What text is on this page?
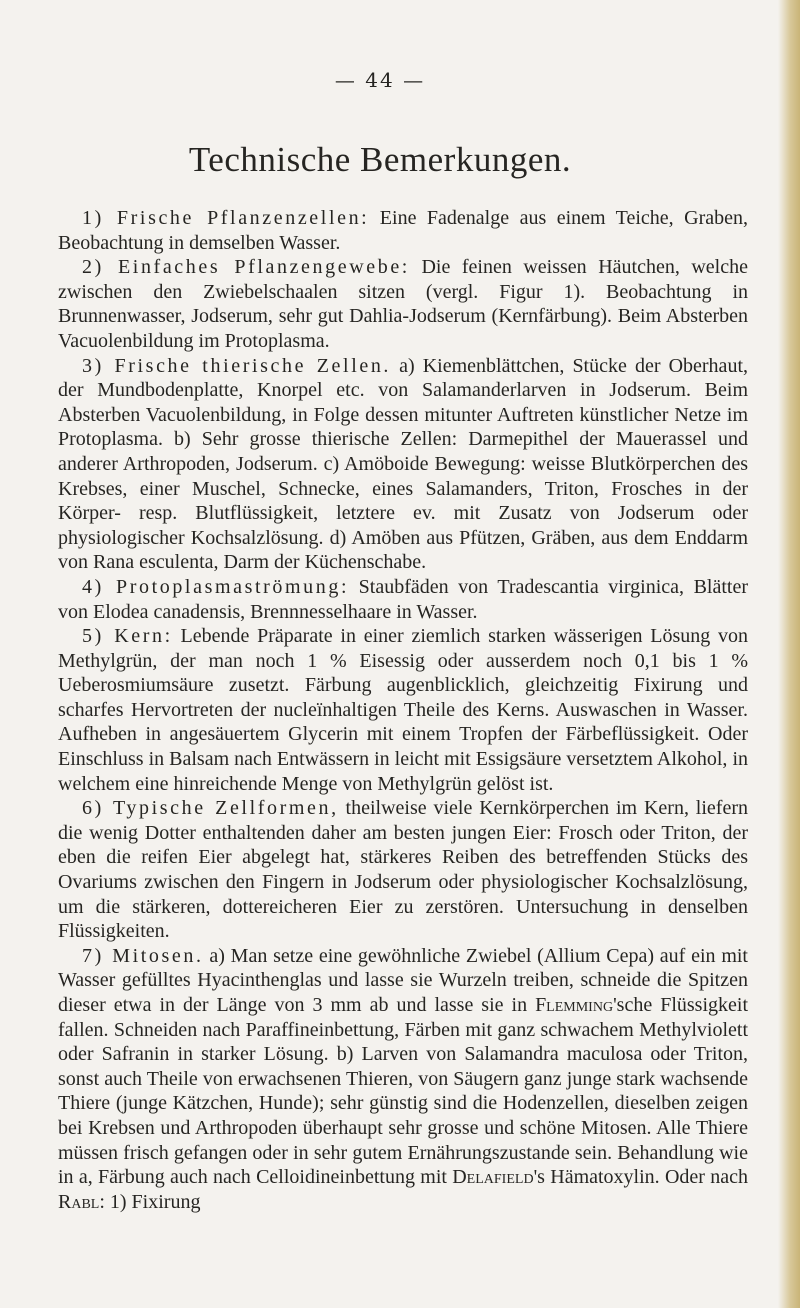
— 44 —
Technische Bemerkungen.

1) Frische Pflanzenzellen: Eine Fadenalge aus einem Teiche, Graben, Beobachtung in demselben Wasser.

2) Einfaches Pflanzengewebe: Die feinen weissen Häutchen, welche zwischen den Zwiebelschaalen sitzen (vergl. Figur 1). Beobachtung in Brunnenwasser, Jodserum, sehr gut Dahlia-Jodserum (Kernfärbung). Beim Absterben Vacuolenbildung im Protoplasma.

3) Frische thierische Zellen. a) Kiemenblättchen, Stücke der Oberhaut, der Mundbodenplatte, Knorpel etc. von Salamanderlarven in Jodserum. Beim Absterben Vacuolenbildung, in Folge dessen mitunter Auftreten künstlicher Netze im Protoplasma. b) Sehr grosse thierische Zellen: Darmepithel der Mauerassel und anderer Arthropoden, Jodserum. c) Amöboide Bewegung: weisse Blutkörperchen des Krebses, einer Muschel, Schnecke, eines Salamanders, Triton, Frosches in der Körper- resp. Blutflüssigkeit, letztere ev. mit Zusatz von Jodserum oder physiologischer Kochsalzlösung. d) Amöben aus Pfützen, Gräben, aus dem Enddarm von Rana esculenta, Darm der Küchenschabe.

4) Protoplasmaströmung: Staubfäden von Tradescantia virginica, Blätter von Elodea canadensis, Brennnesselhaare in Wasser.

5) Kern: Lebende Präparate in einer ziemlich starken wässerigen Lösung von Methylgrün, der man noch 1 % Eisessig oder ausserdem noch 0,1 bis 1 % Ueberosmiumsäure zusetzt. Färbung augenblicklich, gleichzeitig Fixirung und scharfes Hervortreten der nucleïnhaltigen Theile des Kerns. Auswaschen in Wasser. Aufheben in angesäuertem Glycerin mit einem Tropfen der Färbeflüssigkeit. Oder Einschluss in Balsam nach Entwässern in leicht mit Essigsäure versetztem Alkohol, in welchem eine hinreichende Menge von Methylgrün gelöst ist.

6) Typische Zellformen, theilweise viele Kernkörperchen im Kern, liefern die wenig Dotter enthaltenden daher am besten jungen Eier: Frosch oder Triton, der eben die reifen Eier abgelegt hat, stärkeres Reiben des betreffenden Stücks des Ovariums zwischen den Fingern in Jodserum oder physiologischer Kochsalzlösung, um die stärkeren, dottereicheren Eier zu zerstören. Untersuchung in denselben Flüssigkeiten.

7) Mitosen. a) Man setze eine gewöhnliche Zwiebel (Allium Cepa) auf ein mit Wasser gefülltes Hyacinthenglas und lasse sie Wurzeln treiben, schneide die Spitzen dieser etwa in der Länge von 3 mm ab und lasse sie in Flemming'sche Flüssigkeit fallen. Schneiden nach Paraffineinbettung, Färben mit ganz schwachem Methylviolett oder Safranin in starker Lösung. b) Larven von Salamandra maculosa oder Triton, sonst auch Theile von erwachsenen Thieren, von Säugern ganz junge stark wachsende Thiere (junge Kätzchen, Hunde); sehr günstig sind die Hodenzellen, dieselben zeigen bei Krebsen und Arthropoden überhaupt sehr grosse und schöne Mitosen. Alle Thiere müssen frisch gefangen oder in sehr gutem Ernährungszustande sein. Behandlung wie in a, Färbung auch nach Celloidineinbettung mit Delafield's Hämatoxylin. Oder nach Rabl: 1) Fixirung
